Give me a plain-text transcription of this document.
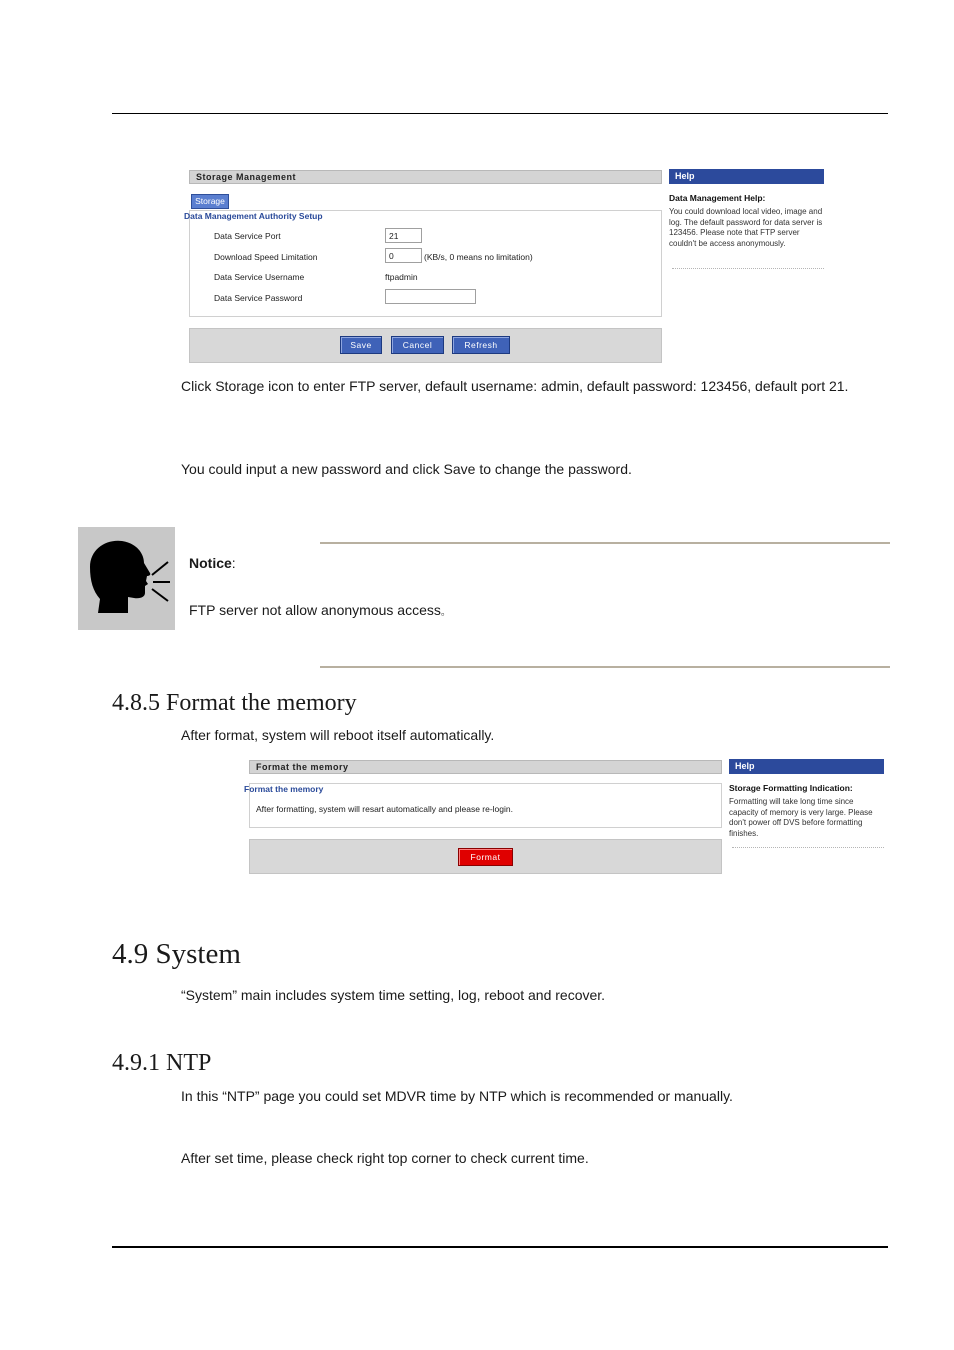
Storage Management
Storage
Data Management Authority Setup
Data Service Port	21
Download Speed Limitation	0	(KB/s, 0 means no limitation)
Data Service Username	ftpadmin
Data Service Password
Save	Cancel	Refresh
Help
Data Management Help:
You could download local video, image and log. The default password for data server is 123456. Please note that FTP server couldn't be access anonymously.
Click Storage icon to enter FTP server, default username: admin, default password: 123456, default port 21.
You could input a new password and click Save to change the password.
Notice:
FTP server not allow anonymous access。
4.8.5 Format the memory
After format, system will reboot itself automatically.
Format the memory
Format the memory
After formatting, system will resart automatically and please re-login.
Format
Help
Storage Formatting Indication:
Formatting will take long time since capacity of memory is very large. Please don't power off DVS before formatting finishes.
4.9 System
“System” main includes system time setting, log, reboot and recover.
4.9.1 NTP
In this “NTP” page you could set MDVR time by NTP which is recommended or manually.
After set time, please check right top corner to check current time.
